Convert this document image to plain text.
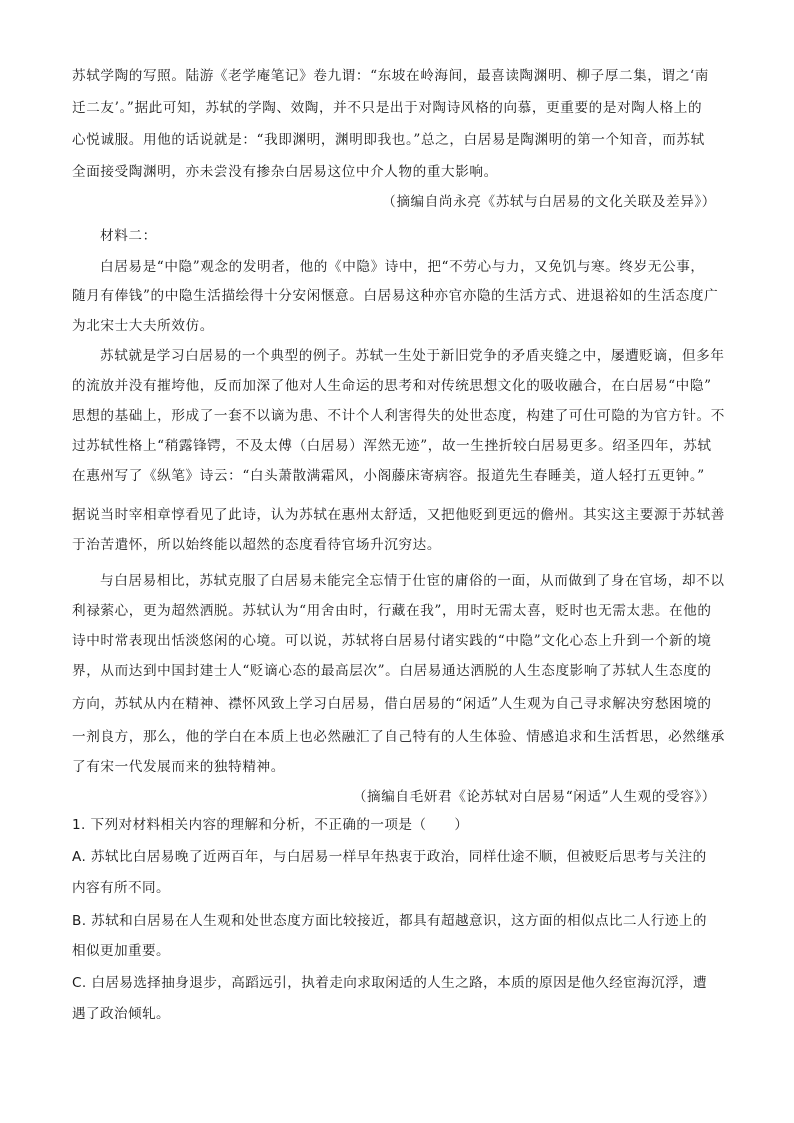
苏轼学陶的写照。陆游《老学庵笔记》卷九谓：“东坡在岭海间，最喜读陶渊明、柳子厚二集，谓之‘南
迁二友’。”据此可知，苏轼的学陶、效陶，并不只是出于对陶诗风格的向慕，更重要的是对陶人格上的
心悦诚服。用他的话说就是：“我即渊明，渊明即我也。”总之，白居易是陶渊明的第一个知音，而苏轼
全面接受陶渊明，亦未尝没有掺杂白居易这位中介人物的重大影响。
（摘编自尚永亮《苏轼与白居易的文化关联及差异》）
材料二：
白居易是“中隐”观念的发明者，他的《中隐》诗中，把“不劳心与力，又免饥与寒。终岁无公事，
随月有俸钱”的中隐生活描绘得十分安闲惬意。白居易这种亦官亦隐的生活方式、进退裕如的生活态度广
为北宋士大夫所效仿。
苏轼就是学习白居易的一个典型的例子。苏轼一生处于新旧党争的矛盾夹缝之中，屡遭贬谪，但多年
的流放并没有摧垮他，反而加深了他对人生命运的思考和对传统思想文化的吸收融合，在白居易“中隐”
思想的基础上，形成了一套不以谪为患、不计个人利害得失的处世态度，构建了可仕可隐的为官方针。不
过苏轼性格上“稍露锋锷，不及太傅（白居易）浑然无迹”，故一生挫折较白居易更多。绍圣四年，苏轼
在惠州写了《纵笔》诗云：“白头萧散满霜风，小阁藤床寄病容。报道先生春睡美，道人轻打五更钟。”
据说当时宰相章惇看见了此诗，认为苏轼在惠州太舒适，又把他贬到更远的儋州。其实这主要源于苏轼善
于治苦遣怀，所以始终能以超然的态度看待官场升沉穷达。
与白居易相比，苏轼克服了白居易未能完全忘情于仕宦的庸俗的一面，从而做到了身在官场，却不以
利禄萦心，更为超然洒脱。苏轼认为“用舍由时，行藏在我”，用时无需太喜，贬时也无需太悲。在他的
诗中时常表现出恬淡悠闲的心境。可以说，苏轼将白居易付诸实践的“中隐”文化心态上升到一个新的境
界，从而达到中国封建士人“贬谪心态的最高层次”。白居易通达洒脱的人生态度影响了苏轼人生态度的
方向，苏轼从内在精神、襟怀风致上学习白居易，借白居易的“闲适”人生观为自己寻求解决穷愁困境的
一剂良方，那么，他的学白在本质上也必然融汇了自己特有的人生体验、情感追求和生活哲思，必然继承
了有宋一代发展而来的独特精神。
（摘编自毛妍君《论苏轼对白居易“闲适”人生观的受容》）
1. 下列对材料相关内容的理解和分析，不正确的一项是（　　）
A. 苏轼比白居易晚了近两百年，与白居易一样早年热衷于政治，同样仕途不顺，但被贬后思考与关注的
内容有所不同。
B. 苏轼和白居易在人生观和处世态度方面比较接近，都具有超越意识，这方面的相似点比二人行迹上的
相似更加重要。
C. 白居易选择抽身退步，高蹈远引，执着走向求取闲适的人生之路，本质的原因是他久经宦海沉浮，遭
遇了政治倾轧。
